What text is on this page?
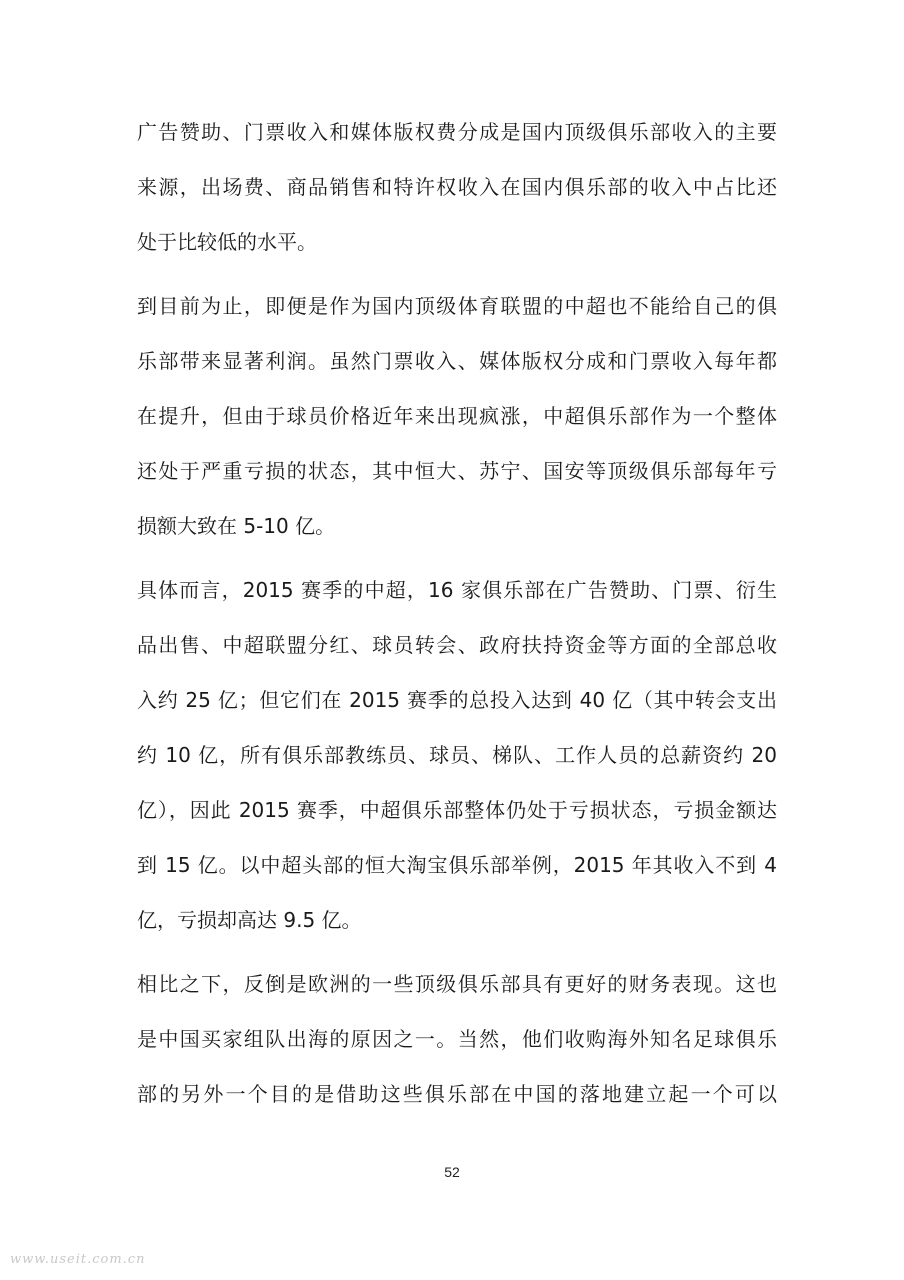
广告赞助、门票收入和媒体版权费分成是国内顶级俱乐部收入的主要
来源，出场费、商品销售和特许权收入在国内俱乐部的收入中占比还
处于比较低的水平。
到目前为止，即便是作为国内顶级体育联盟的中超也不能给自己的俱
乐部带来显著利润。虽然门票收入、媒体版权分成和门票收入每年都
在提升，但由于球员价格近年来出现疯涨，中超俱乐部作为一个整体
还处于严重亏损的状态，其中恒大、苏宁、国安等顶级俱乐部每年亏
损额大致在 5-10 亿。
具体而言，2015 赛季的中超，16 家俱乐部在广告赞助、门票、衍生
品出售、中超联盟分红、球员转会、政府扶持资金等方面的全部总收
入约 25 亿；但它们在 2015 赛季的总投入达到 40 亿（其中转会支出
约 10 亿，所有俱乐部教练员、球员、梯队、工作人员的总薪资约 20
亿），因此 2015 赛季，中超俱乐部整体仍处于亏损状态，亏损金额达
到 15 亿。以中超头部的恒大淘宝俱乐部举例，2015 年其收入不到 4
亿，亏损却高达 9.5 亿。
相比之下，反倒是欧洲的一些顶级俱乐部具有更好的财务表现。这也
是中国买家组队出海的原因之一。当然，他们收购海外知名足球俱乐
部的另外一个目的是借助这些俱乐部在中国的落地建立起一个可以
52
www.useit.com.cn
